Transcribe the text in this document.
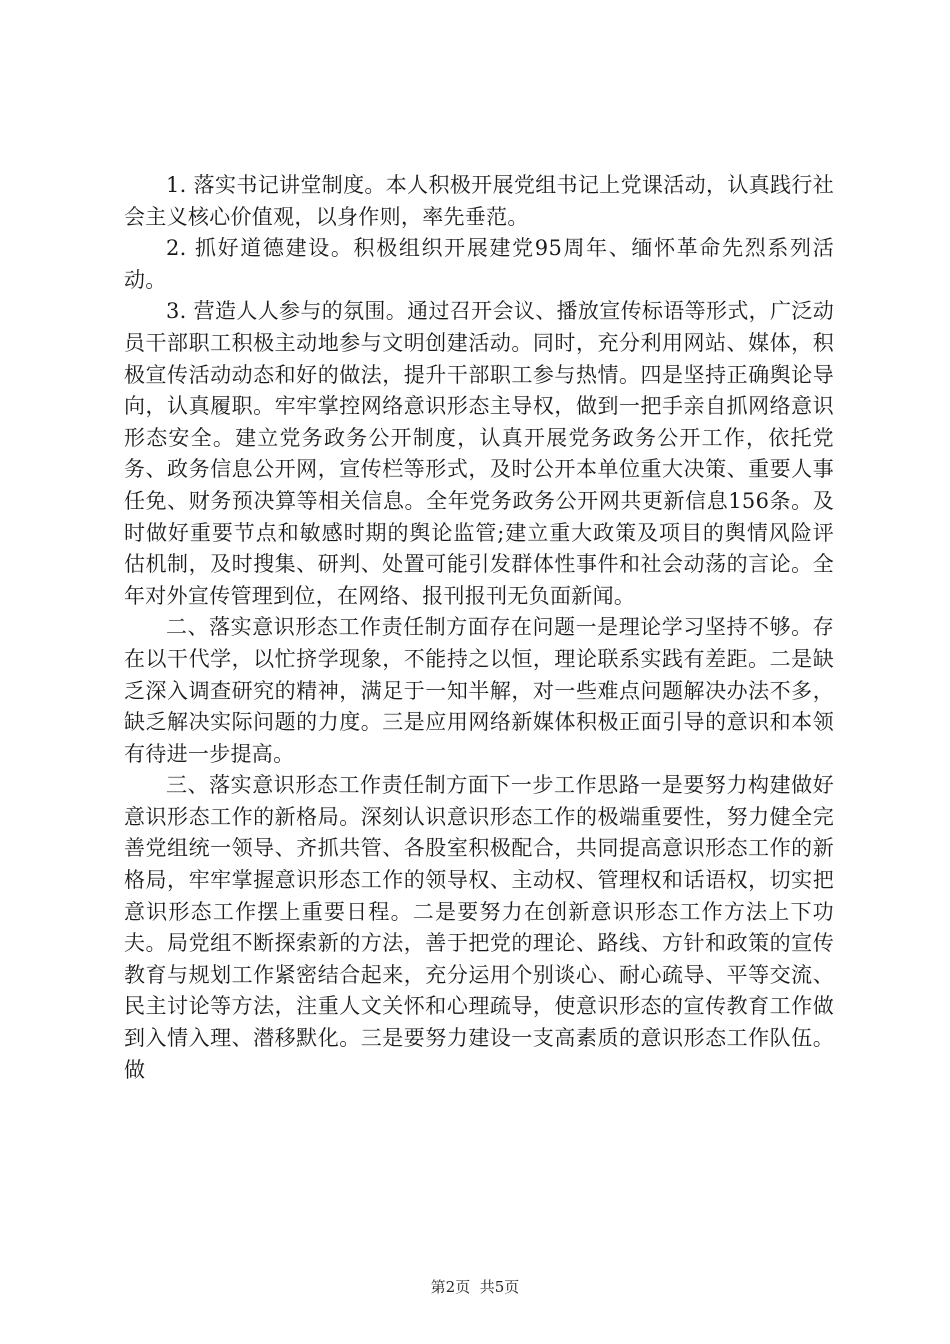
1. 落实书记讲堂制度。本人积极开展党组书记上党课活动，认真践行社会主义核心价值观，以身作则，率先垂范。

2. 抓好道德建设。积极组织开展建党95周年、缅怀革命先烈系列活动。

3. 营造人人参与的氛围。通过召开会议、播放宣传标语等形式，广泛动员干部职工积极主动地参与文明创建活动。同时，充分利用网站、媒体，积极宣传活动动态和好的做法，提升干部职工参与热情。四是坚持正确舆论导向，认真履职。牢牢掌控网络意识形态主导权，做到一把手亲自抓网络意识形态安全。建立党务政务公开制度，认真开展党务政务公开工作，依托党务、政务信息公开网，宣传栏等形式，及时公开本单位重大决策、重要人事任免、财务预决算等相关信息。全年党务政务公开网共更新信息156条。及时做好重要节点和敏感时期的舆论监管;建立重大政策及项目的舆情风险评估机制，及时搜集、研判、处置可能引发群体性事件和社会动荡的言论。全年对外宣传管理到位，在网络、报刊报刊无负面新闻。

二、落实意识形态工作责任制方面存在问题一是理论学习坚持不够。存在以干代学，以忙挤学现象，不能持之以恒，理论联系实践有差距。二是缺乏深入调查研究的精神，满足于一知半解，对一些难点问题解决办法不多，缺乏解决实际问题的力度。三是应用网络新媒体积极正面引导的意识和本领有待进一步提高。

三、落实意识形态工作责任制方面下一步工作思路一是要努力构建做好意识形态工作的新格局。深刻认识意识形态工作的极端重要性，努力健全完善党组统一领导、齐抓共管、各股室积极配合，共同提高意识形态工作的新格局，牢牢掌握意识形态工作的领导权、主动权、管理权和话语权，切实把意识形态工作摆上重要日程。二是要努力在创新意识形态工作方法上下功夫。局党组不断探索新的方法，善于把党的理论、路线、方针和政策的宣传教育与规划工作紧密结合起来，充分运用个别谈心、耐心疏导、平等交流、民主讨论等方法，注重人文关怀和心理疏导，使意识形态的宣传教育工作做到入情入理、潜移默化。三是要努力建设一支高素质的意识形态工作队伍。做

第2页 共5页
